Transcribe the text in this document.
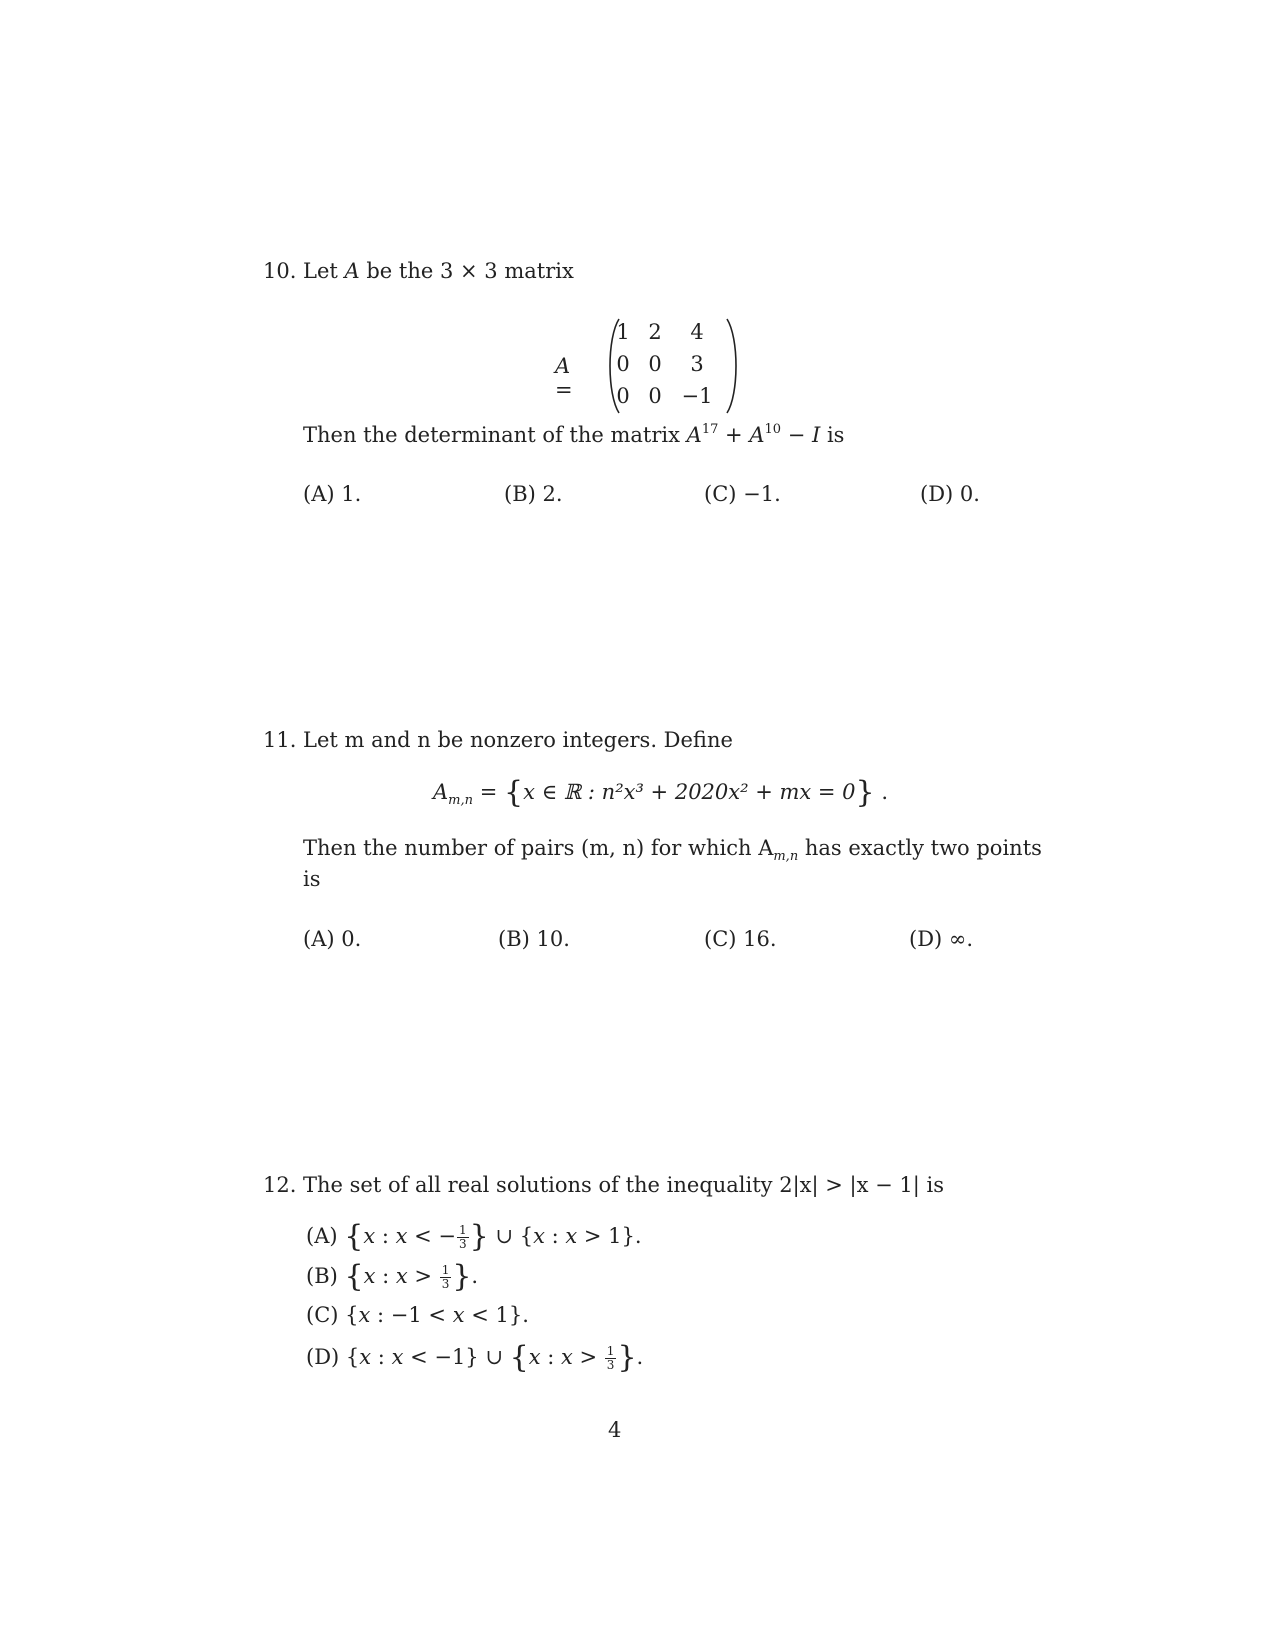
10. Let A be the 3 × 3 matrix
A =
1 2	4
0 0	3
0 0 −1
Then the determinant of the matrix $A^{17} + A^{10} - I$ is
(A) 1.	(B) 2.	(C) −1.	(D) 0.
11. Let m and n be nonzero integers. Define
$A_{m,n} = \{x$ ∈ ℝ : n²x³ + 2020x² + mx = 0} .
Then the number of pairs (m, n) for which $A_{m,n}$ has exactly two points
is
(A) 0.	(B) 10.	(C) 16.	(D) ∞.
12. The set of all real solutions of the inequality 2|x| > |x − 1| is
(A) {x : x < − $\frac{1}{3}$ } ∪ {x : x > 1}.
(B) {x : $x > \frac{1}{3}$ }.
(C) {x : −1 < x < 1}.
(D) {x : x < −1} ∪ {x : $x > \frac{1}{3}$ }.
4
